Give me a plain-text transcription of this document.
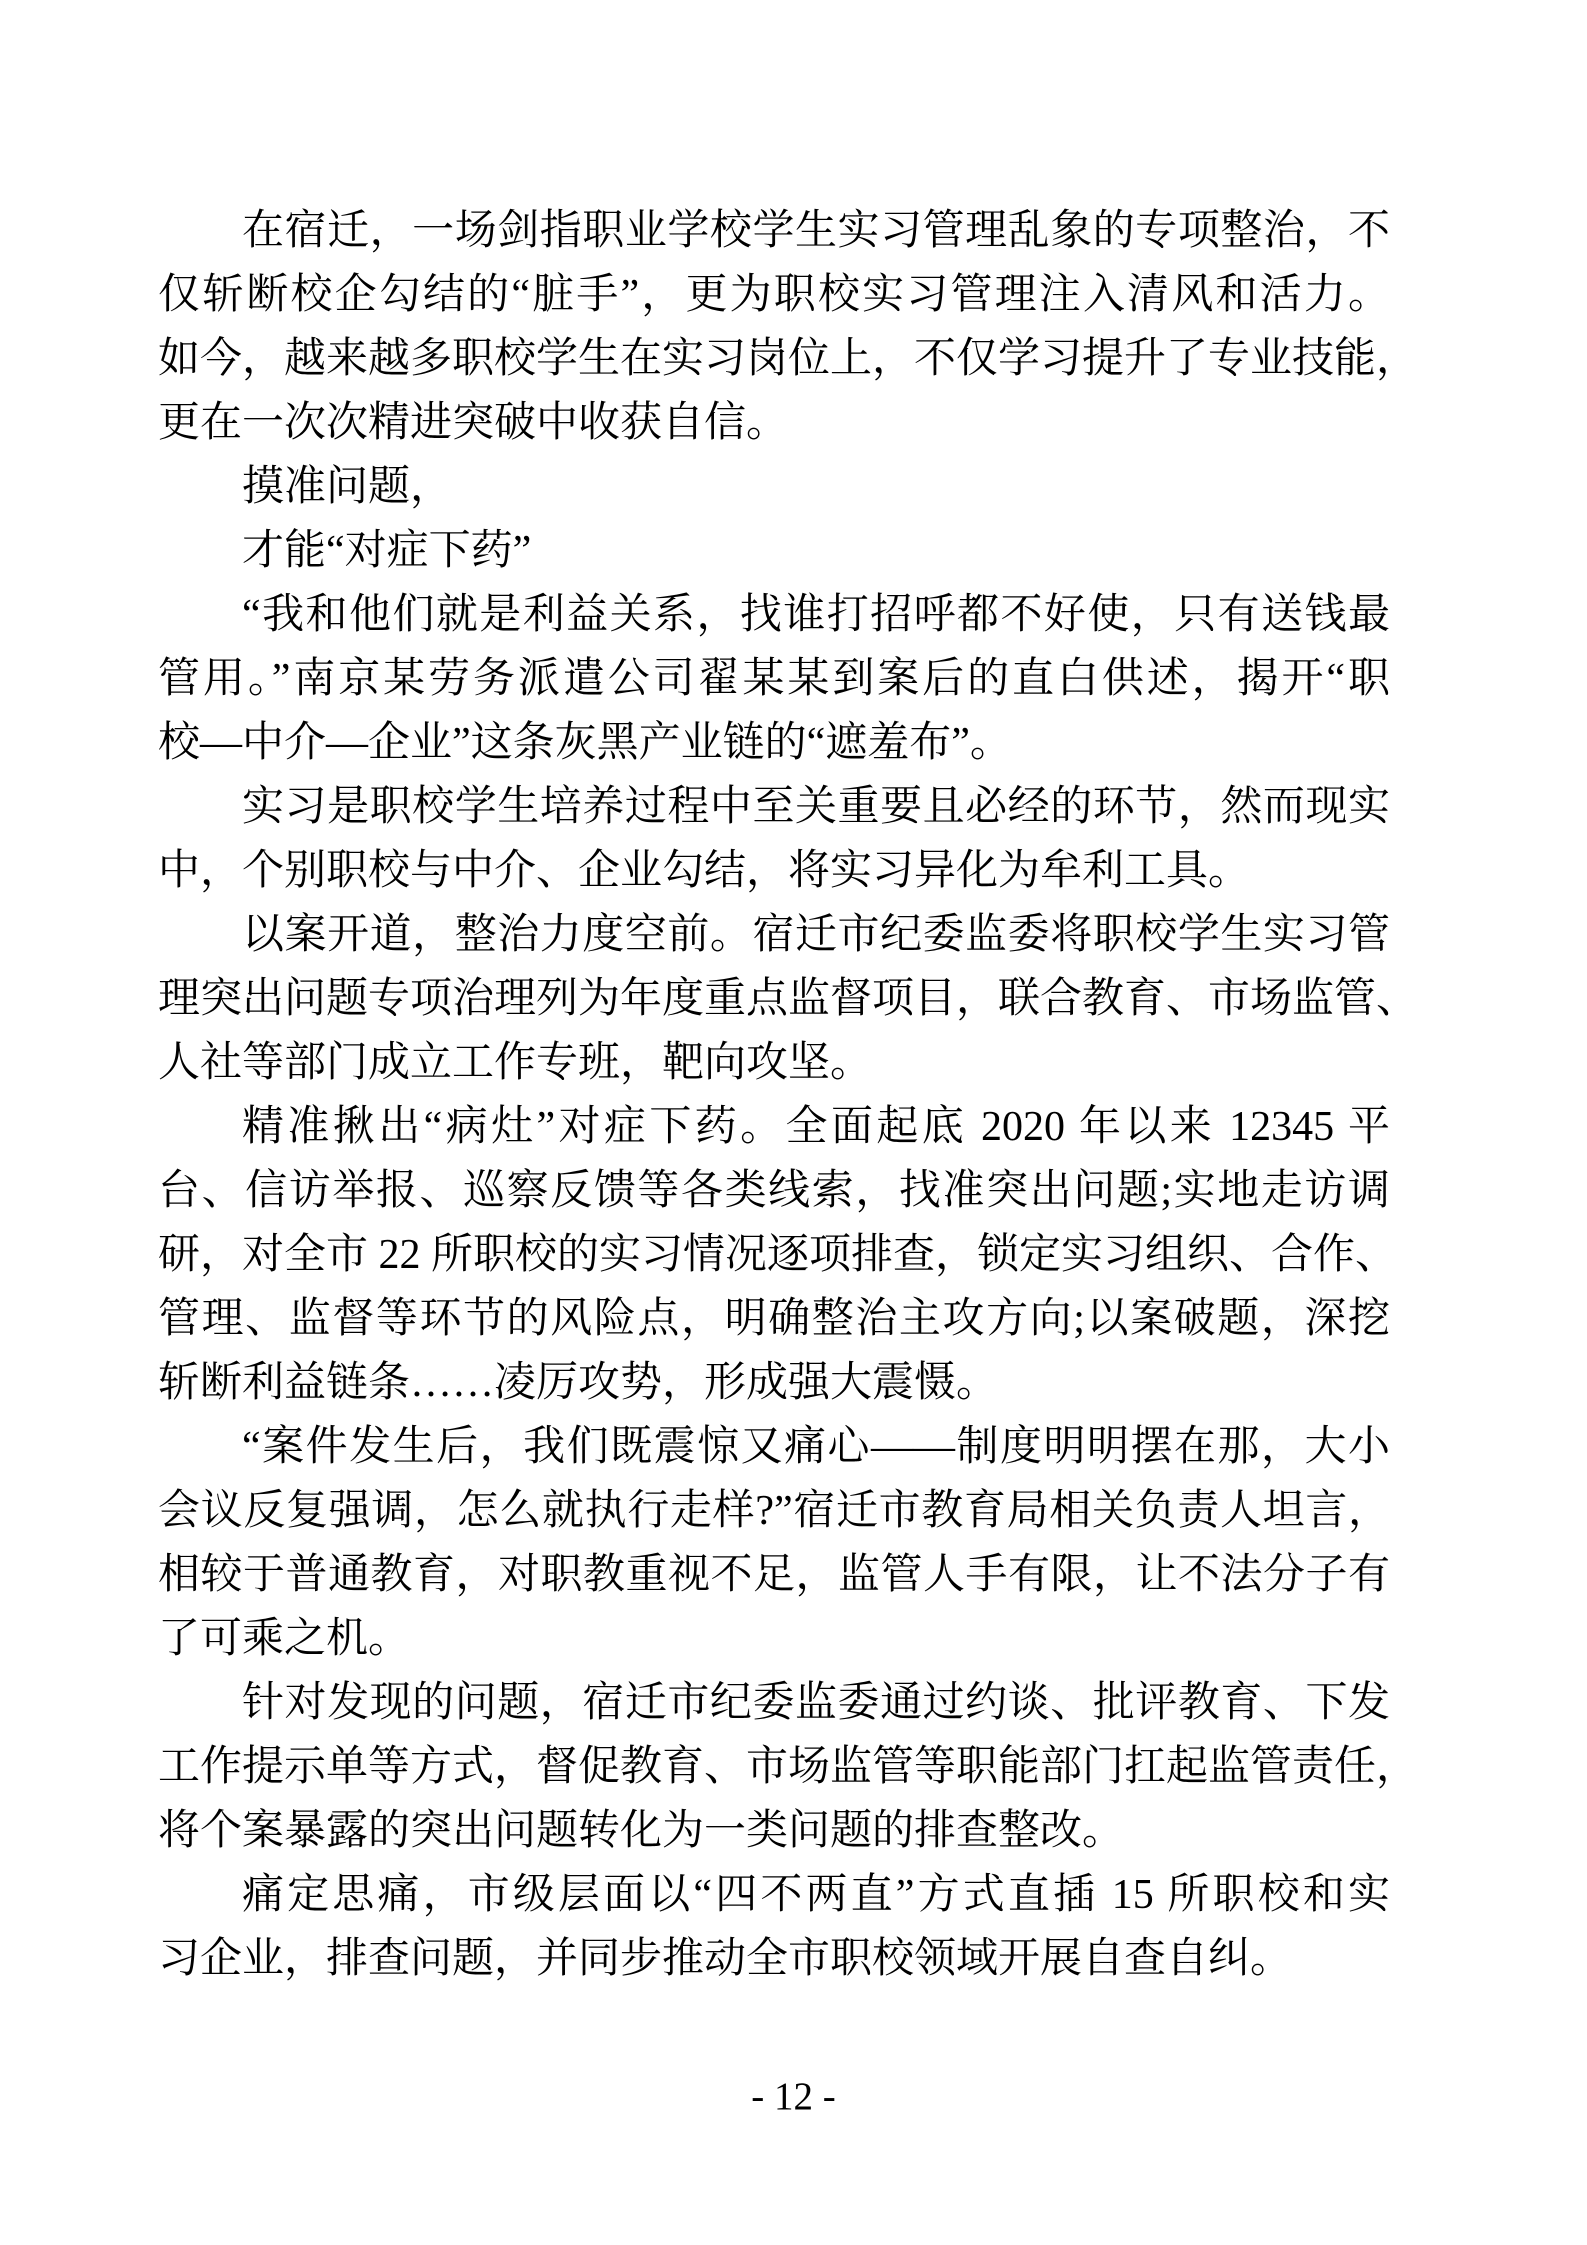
在宿迁，一场剑指职业学校学生实习管理乱象的专项整治，不
仅斩断校企勾结的“脏手”，更为职校实习管理注入清风和活力。
如今，越来越多职校学生在实习岗位上，不仅学习提升了专业技能，
更在一次次精进突破中收获自信。
摸准问题，
才能“对症下药”
“我和他们就是利益关系，找谁打招呼都不好使，只有送钱最
管用。”南京某劳务派遣公司翟某某到案后的直白供述，揭开“职
校—中介—企业”这条灰黑产业链的“遮羞布”。
实习是职校学生培养过程中至关重要且必经的环节，然而现实
中，个别职校与中介、企业勾结，将实习异化为牟利工具。
以案开道，整治力度空前。宿迁市纪委监委将职校学生实习管
理突出问题专项治理列为年度重点监督项目，联合教育、市场监管、
人社等部门成立工作专班，靶向攻坚。
精准揪出“病灶”对症下药。全面起底 2020 年以来 12345 平
台、信访举报、巡察反馈等各类线索，找准突出问题;实地走访调
研，对全市 22 所职校的实习情况逐项排查，锁定实习组织、合作、
管理、监督等环节的风险点，明确整治主攻方向;以案破题，深挖
斩断利益链条……凌厉攻势，形成强大震慑。
“案件发生后，我们既震惊又痛心——制度明明摆在那，大小
会议反复强调，怎么就执行走样?”宿迁市教育局相关负责人坦言，
相较于普通教育，对职教重视不足，监管人手有限，让不法分子有
了可乘之机。
针对发现的问题，宿迁市纪委监委通过约谈、批评教育、下发
工作提示单等方式，督促教育、市场监管等职能部门扛起监管责任，
将个案暴露的突出问题转化为一类问题的排查整改。
痛定思痛，市级层面以“四不两直”方式直插 15 所职校和实
习企业，排查问题，并同步推动全市职校领域开展自查自纠。
- 12 -
